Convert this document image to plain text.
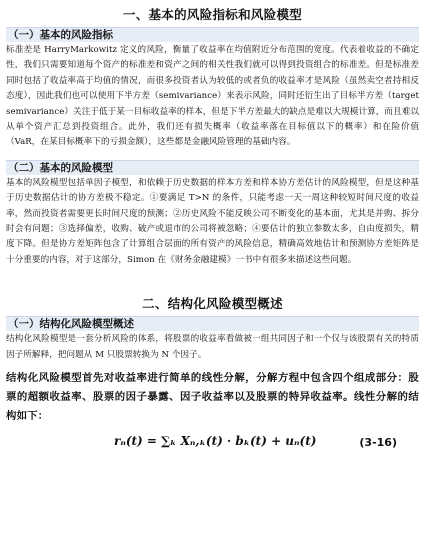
一、基本的风险指标和风险模型
（一）基本的风险指标

标准差是 HarryMarkowitz 定义的风险，衡量了收益率在均值附近分布范围的宽度。代表着收益的不确定性，我们只需要知道每个资产的标准差和资产之间的相关性我们就可以得到投资组合的标准差。但是标准差同时包括了收益率高于均值的情况，而很多投资者认为较低的或者负的收益率才是风险（虽然卖空者持相反态度），因此我们也可以使用下半方差（semivariance）来表示风险，同时还衍生出了目标半方差（target semivariance）关注于低于某一目标收益率的样本，但是下半方差最大的缺点是难以大规模计算，而且难以从单个资产汇总到投资组合。此外，我们还有损失概率（收益率落在目标值以下的概率）和在险价值（VaR，在某目标概率下的亏损金额），这些都是金融风险管理的基础内容。

（二）基本的风险模型

基本的风险模型包括单因子模型，和依赖于历史数据的样本方差和样本协方差估计的风险模型，但是这种基于历史数据估计的协方差极不稳定。①要满足 T>N 的条件，只能考虑一天一周这种较短时间尺度的收益率，然而投资者需要更长时间尺度的预测；②历史风险不能反映公司不断变化的基本面，尤其是并购、拆分时会有问题；③选择偏差，收购、破产或退市的公司将被忽略；④要估计的独立参数太多，自由度损失，精度下降。但是协方差矩阵包含了计算组合层面的所有资产的风险信息，精确高效地估计和预测协方差矩阵是十分重要的内容，对于这部分，Simon 在《财务金融建模》一书中有很多来描述这些问题。

二、结构化风险模型概述
（一）结构化风险模型概述

结构化风险模型是一套分析风险的体系，将股票的收益率看做被一组共同因子和一个仅与该股票有关的特质因子所解释，把问题从 M 只股票转换为 N 个因子。

结构化风险模型首先对收益率进行简单的线性分解，分解方程中包含四个组成部分：股票的超额收益率、股票的因子暴露、因子收益率以及股票的特异收益率。线性分解的结构如下：

rₙ(t) = ∑ₖ Xₙ,ₖ(t) · bₖ(t) + uₙ(t)	(3-16)
